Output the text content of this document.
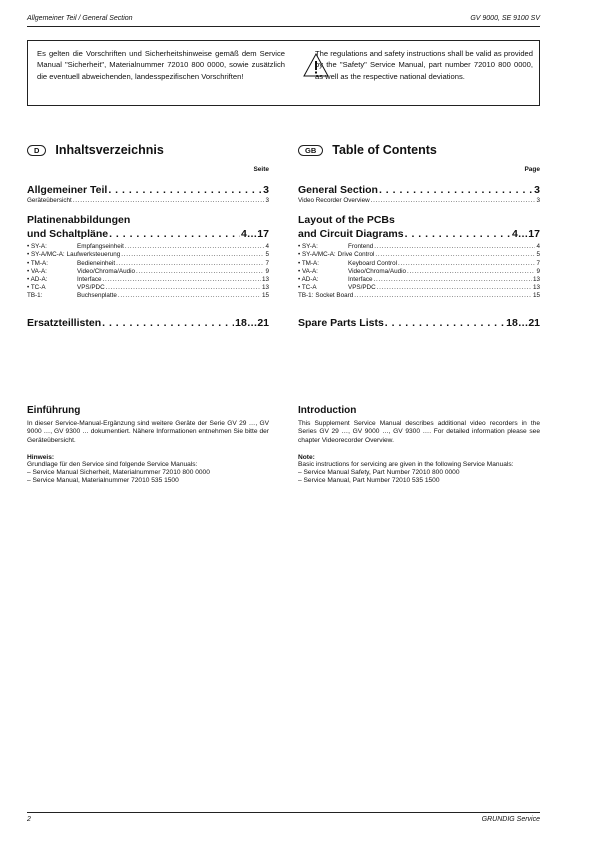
Allgemeiner Teil / General Section	GV 9000, SE 9100 SV

Es gelten die Vorschriften und Sicherheitshinweise gemäß dem Service Manual "Sicherheit", Materialnummer 72010 800 0000, sowie zusätzlich die eventuell abweichenden, landesspezifischen Vorschriften!

The regulations and safety instructions shall be valid as provided by the "Safety" Service Manual, part number 72010 800 0000, as well as the respective national deviations.

D	Inhaltsverzeichnis
Seite
Allgemeiner Teil . . .	3
Geräteübersicht . . .	3
Platinenabbildungen
und Schaltpläne . . .	4…17
• SY-A:	Empfangseinheit . . .	4
• SY-A/MC-A: Laufwerksteuerung . . .	5
• TM-A:	Bedieneinheit . . .	7
• VA-A:	Video/Chroma/Audio . . .	9
• AD-A:	Interface . . .	13
• TC-A	VPS/PDC . . .	13
TB-1:	Buchsenplatte . . .	15
Ersatzteillisten . . .	18…21
GB	Table of Contents
Page
General Section . . .	3
Video Recorder Overview . . .	3
Layout of the PCBs
and Circuit Diagrams . . .	4…17
• SY-A:	Frontend . . .	4
• SY-A/MC-A: Drive Control . . .	5
• TM-A:	Keyboard Control . . .	7
• VA-A:	Video/Chroma/Audio . . .	9
• AD-A:	Interface . . .	13
• TC-A	VPS/PDC . . .	13
TB-1: Socket Board . . .	15
Spare Parts Lists . . .	18…21
Einführung

In dieser Service-Manual-Ergänzung sind weitere Geräte der Serie GV 29 …, GV 9000 …, GV 9300 … dokumentiert. Nähere Informationen entnehmen Sie bitte der Geräteübersicht.

Hinweis:
Grundlage für den Service sind folgende Service Manuals:
– Service Manual Sicherheit, Materialnummer 72010 800 0000
– Service Manual, Materialnummer 72010 535 1500
Introduction

This Supplement Service Manual describes additional video recorders in the Series GV 29 …, GV 9000 …, GV 9300 …. For detailed information please see chapter Videorecorder Overview.

Note:

Basic instructions for servicing are given in the following Service Manuals:

– Service Manual Safety, Part Number 72010 800 0000
– Service Manual, Part Number 72010 535 1500
2	GRUNDIG Service
